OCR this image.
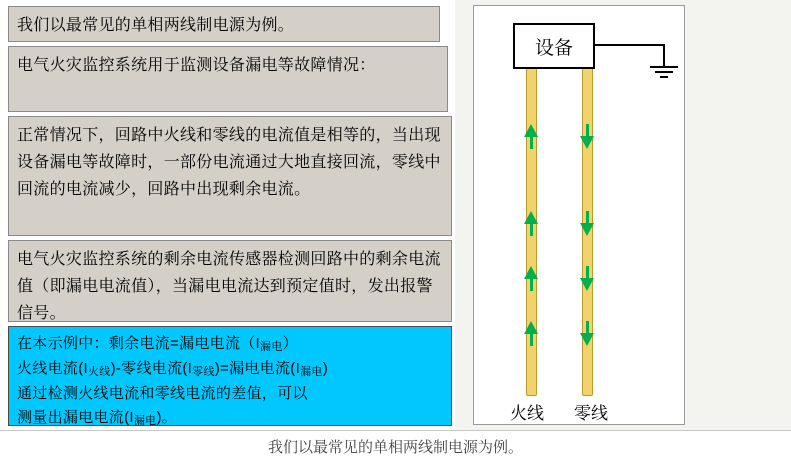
我们以最常见的单相两线制电源为例。

电气火灾监控系统用于监测设备漏电等故障情况：

正常情况下，回路中火线和零线的电流值是相等的，当出现设备漏电等故障时，一部份电流通过大地直接回流，零线中回流的电流减少，回路中出现剩余电流。

电气火灾监控系统的剩余电流传感器检测回路中的剩余电流值（即漏电电流值），当漏电电流达到预定值时，发出报警信号。

在本示例中：剩余电流=漏电电流（I漏电）

火线电流(I火线)-零线电流(I零线)=漏电电流(I漏电)

通过检测火线电流和零线电流的差值，可以

测量出漏电电流(I漏电)。

设备
火线 零线
我们以最常见的单相两线制电源为例。
